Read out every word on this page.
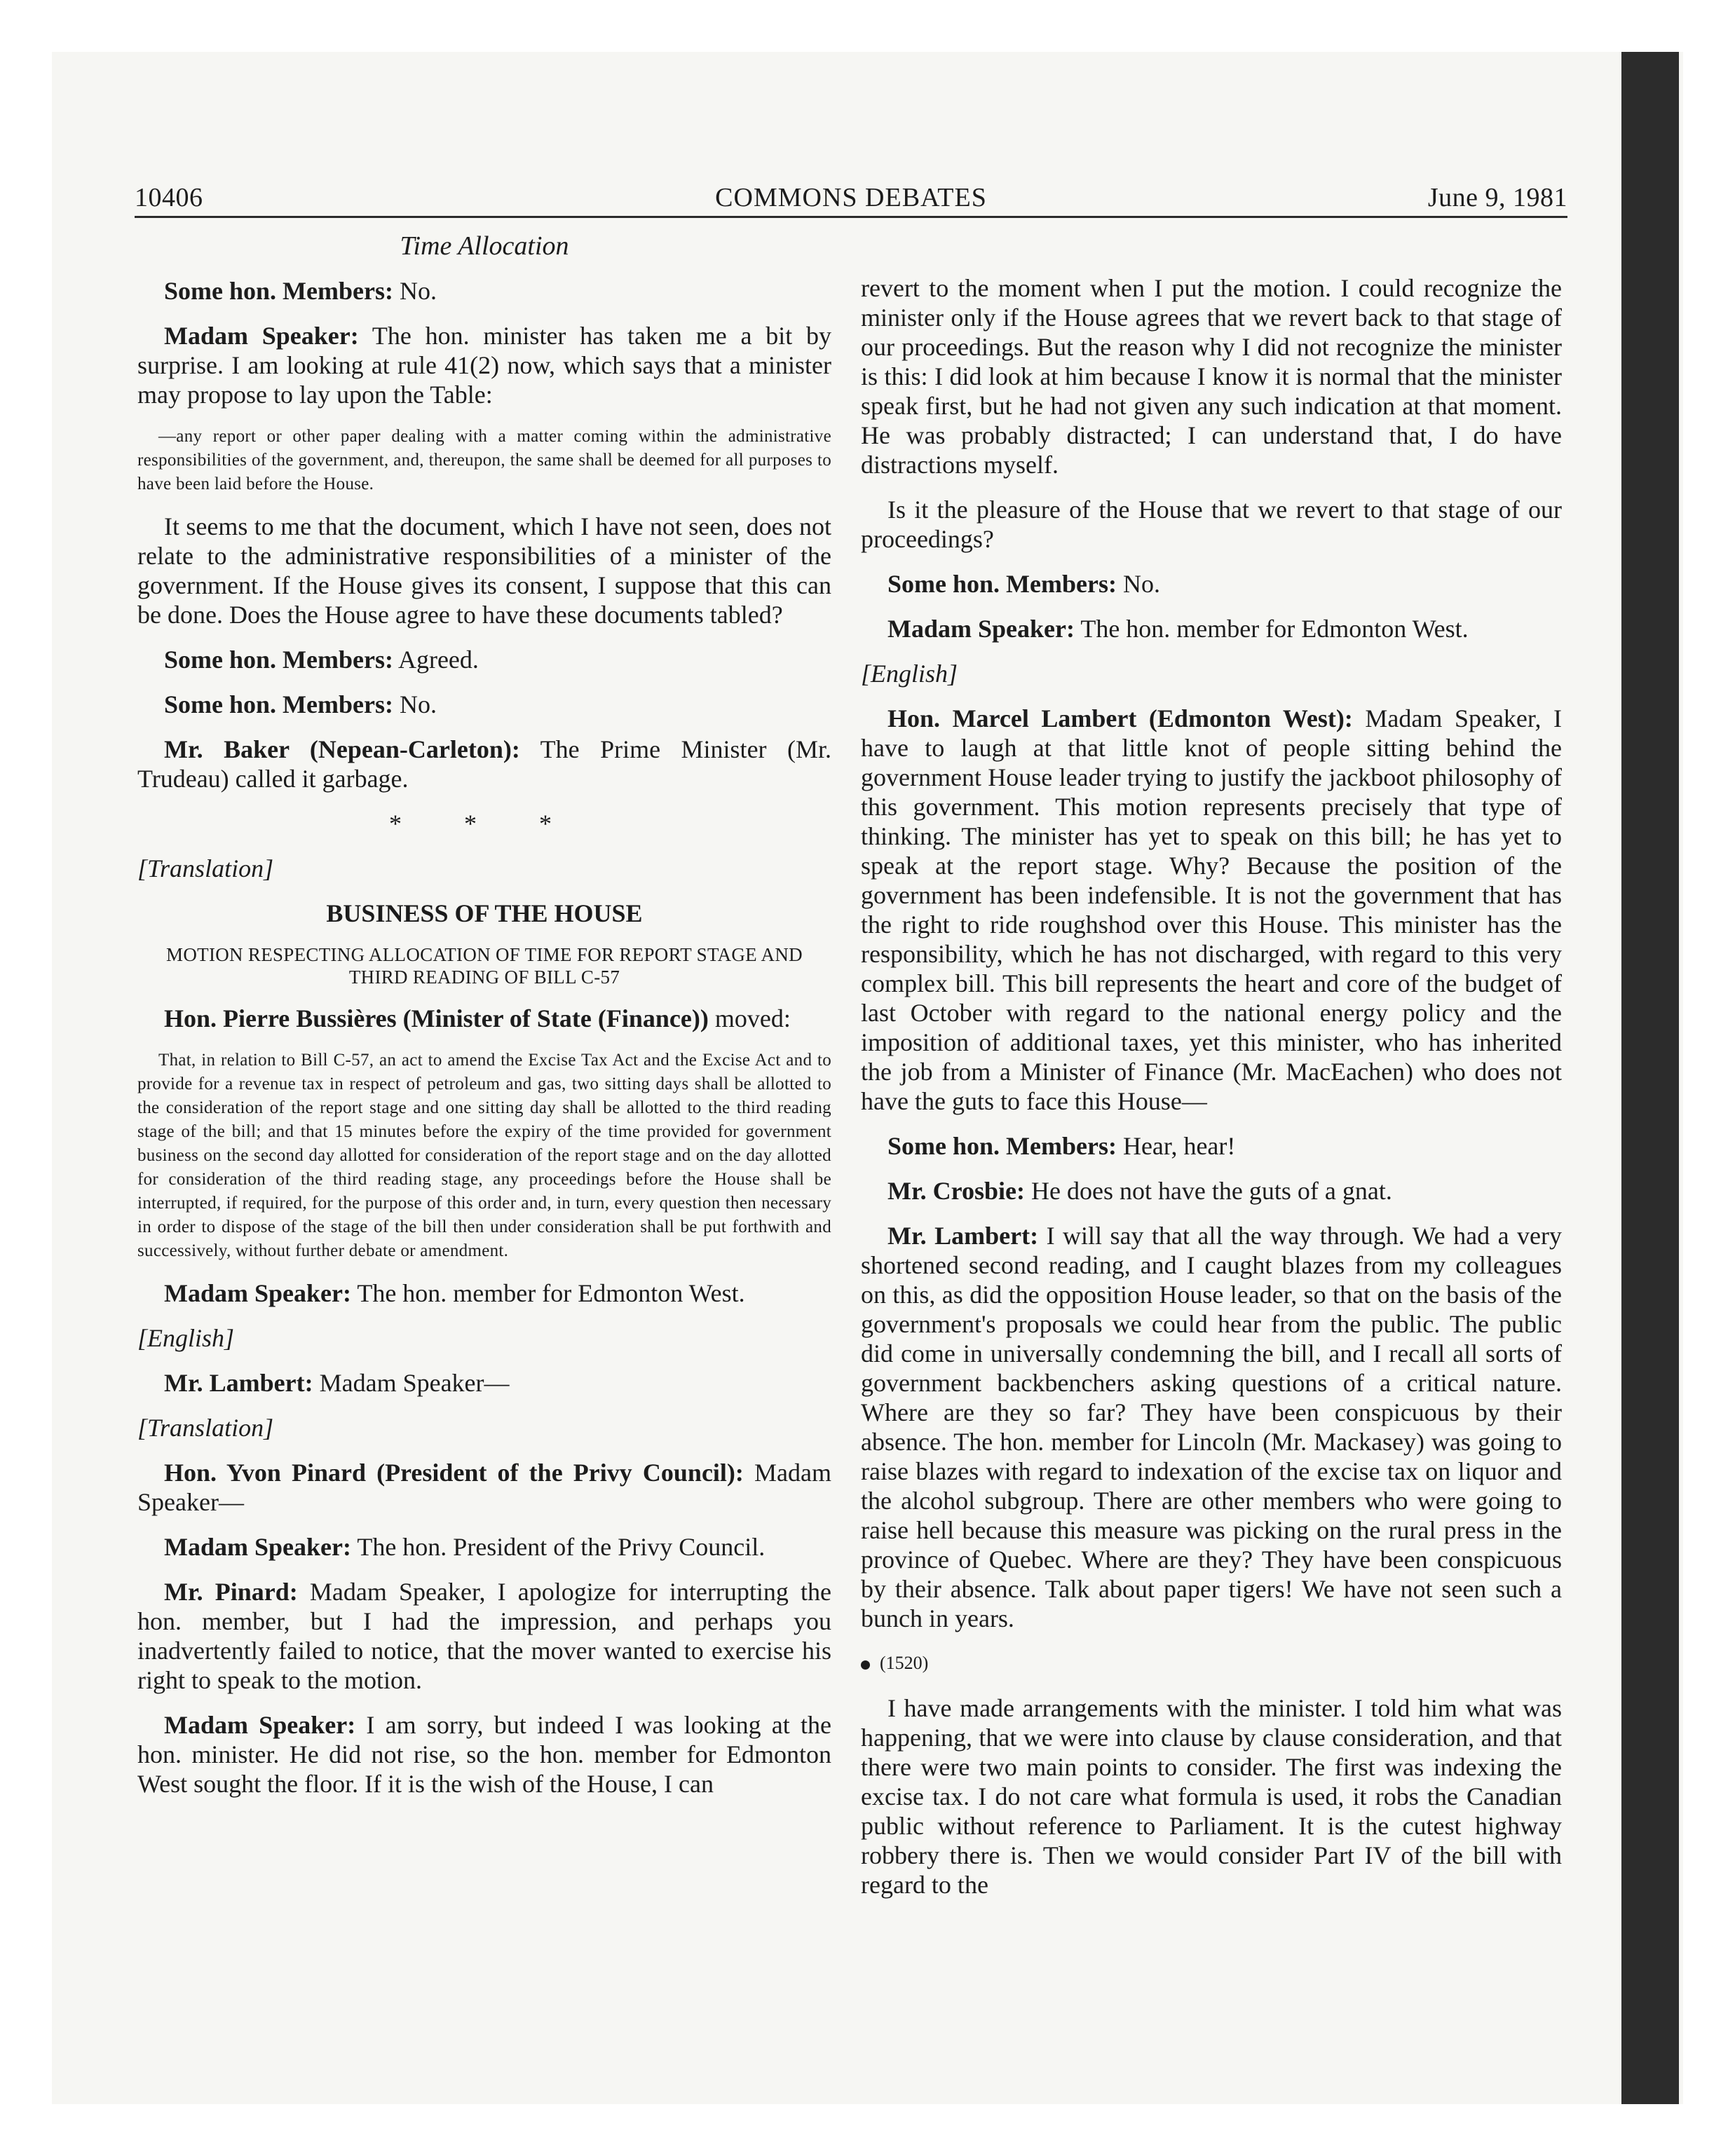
10406	COMMONS DEBATES	June 9, 1981

Time Allocation

Some hon. Members: No.

Madam Speaker: The hon. minister has taken me a bit by surprise. I am looking at rule 41(2) now, which says that a minister may propose to lay upon the Table:

—any report or other paper dealing with a matter coming within the administrative responsibilities of the government, and, thereupon, the same shall be deemed for all purposes to have been laid before the House.

It seems to me that the document, which I have not seen, does not relate to the administrative responsibilities of a minister of the government. If the House gives its consent, I suppose that this can be done. Does the House agree to have these documents tabled?

Some hon. Members: Agreed.

Some hon. Members: No.

Mr. Baker (Nepean-Carleton): The Prime Minister (Mr. Trudeau) called it garbage.

* * *

[Translation]

BUSINESS OF THE HOUSE

MOTION RESPECTING ALLOCATION OF TIME FOR REPORT STAGE AND THIRD READING OF BILL C-57

Hon. Pierre Bussières (Minister of State (Finance)) moved:

That, in relation to Bill C-57, an act to amend the Excise Tax Act and the Excise Act and to provide for a revenue tax in respect of petroleum and gas, two sitting days shall be allotted to the consideration of the report stage and one sitting day shall be allotted to the third reading stage of the bill; and that 15 minutes before the expiry of the time provided for government business on the second day allotted for consideration of the report stage and on the day allotted for consideration of the third reading stage, any proceedings before the House shall be interrupted, if required, for the purpose of this order and, in turn, every question then necessary in order to dispose of the stage of the bill then under consideration shall be put forthwith and successively, without further debate or amendment.

Madam Speaker: The hon. member for Edmonton West.

[English]

Mr. Lambert: Madam Speaker—

[Translation]

Hon. Yvon Pinard (President of the Privy Council): Madam Speaker—

Madam Speaker: The hon. President of the Privy Council.

Mr. Pinard: Madam Speaker, I apologize for interrupting the hon. member, but I had the impression, and perhaps you inadvertently failed to notice, that the mover wanted to exercise his right to speak to the motion.

Madam Speaker: I am sorry, but indeed I was looking at the hon. minister. He did not rise, so the hon. member for Edmonton West sought the floor. If it is the wish of the House, I can

revert to the moment when I put the motion. I could recognize the minister only if the House agrees that we revert back to that stage of our proceedings. But the reason why I did not recognize the minister is this: I did look at him because I know it is normal that the minister speak first, but he had not given any such indication at that moment. He was probably distracted; I can understand that, I do have distractions myself.

Is it the pleasure of the House that we revert to that stage of our proceedings?

Some hon. Members: No.

Madam Speaker: The hon. member for Edmonton West.

[English]

Hon. Marcel Lambert (Edmonton West): Madam Speaker, I have to laugh at that little knot of people sitting behind the government House leader trying to justify the jackboot philosophy of this government. This motion represents precisely that type of thinking. The minister has yet to speak on this bill; he has yet to speak at the report stage. Why? Because the position of the government has been indefensible. It is not the government that has the right to ride roughshod over this House. This minister has the responsibility, which he has not discharged, with regard to this very complex bill. This bill represents the heart and core of the budget of last October with regard to the national energy policy and the imposition of additional taxes, yet this minister, who has inherited the job from a Minister of Finance (Mr. MacEachen) who does not have the guts to face this House—

Some hon. Members: Hear, hear!

Mr. Crosbie: He does not have the guts of a gnat.

Mr. Lambert: I will say that all the way through. We had a very shortened second reading, and I caught blazes from my colleagues on this, as did the opposition House leader, so that on the basis of the government's proposals we could hear from the public. The public did come in universally condemning the bill, and I recall all sorts of government backbenchers asking questions of a critical nature. Where are they so far? They have been conspicuous by their absence. The hon. member for Lincoln (Mr. Mackasey) was going to raise blazes with regard to indexation of the excise tax on liquor and the alcohol subgroup. There are other members who were going to raise hell because this measure was picking on the rural press in the province of Quebec. Where are they? They have been conspicuous by their absence. Talk about paper tigers! We have not seen such a bunch in years.

(1520)

I have made arrangements with the minister. I told him what was happening, that we were into clause by clause consideration, and that there were two main points to consider. The first was indexing the excise tax. I do not care what formula is used, it robs the Canadian public without reference to Parliament. It is the cutest highway robbery there is. Then we would consider Part IV of the bill with regard to the
